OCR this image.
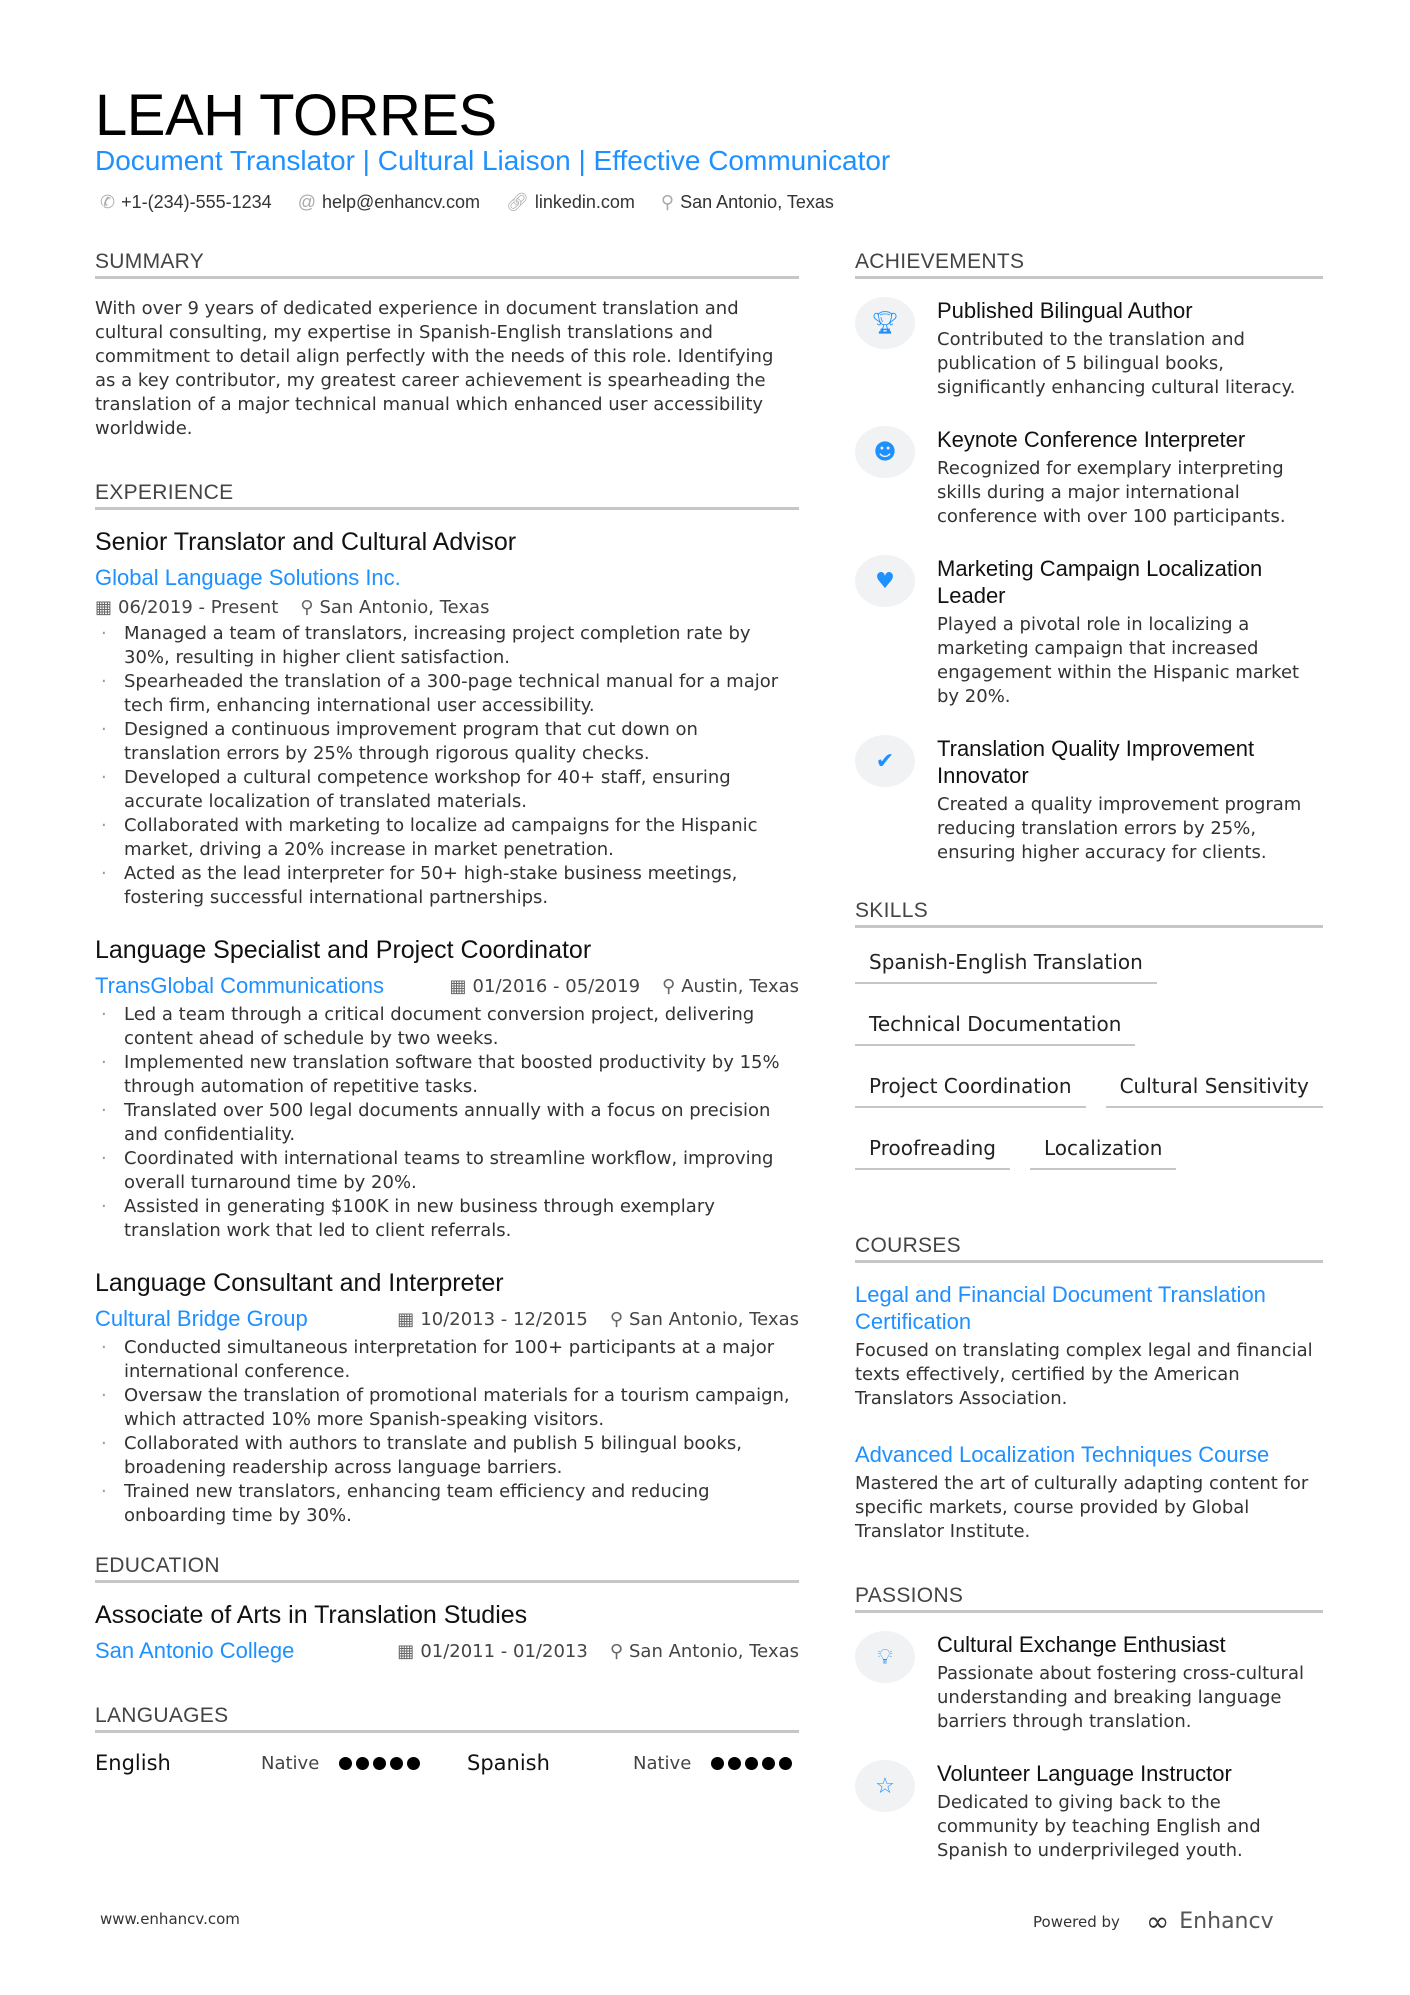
LEAH TORRES
Document Translator | Cultural Liaison | Effective Communicator
✆ +1-(234)-555-1234 @ help@enhancv.com 🔗︎ linkedin.com ⚲ San Antonio, Texas
SUMMARY
With over 9 years of dedicated experience in document translation and cultural consulting, my expertise in Spanish-English translations and commitment to detail align perfectly with the needs of this role. Identifying as a key contributor, my greatest career achievement is spearheading the translation of a major technical manual which enhanced user accessibility worldwide.
EXPERIENCE
Senior Translator and Cultural Advisor
Global Language Solutions Inc.
▦ 06/2019 - Present ⚲ San Antonio, Texas
· Managed a team of translators, increasing project completion rate by 30%, resulting in higher client satisfaction.
· Spearheaded the translation of a 300-page technical manual for a major tech firm, enhancing international user accessibility.
· Designed a continuous improvement program that cut down on translation errors by 25% through rigorous quality checks.
· Developed a cultural competence workshop for 40+ staff, ensuring accurate localization of translated materials.
· Collaborated with marketing to localize ad campaigns for the Hispanic market, driving a 20% increase in market penetration.
· Acted as the lead interpreter for 50+ high-stake business meetings, fostering successful international partnerships.
Language Specialist and Project Coordinator
TransGlobal Communications	▦ 01/2016 - 05/2019 ⚲ Austin, Texas
· Led a team through a critical document conversion project, delivering content ahead of schedule by two weeks.
· Implemented new translation software that boosted productivity by 15% through automation of repetitive tasks.
· Translated over 500 legal documents annually with a focus on precision and confidentiality.
· Coordinated with international teams to streamline workflow, improving overall turnaround time by 20%.
· Assisted in generating $100K in new business through exemplary translation work that led to client referrals.
Language Consultant and Interpreter
Cultural Bridge Group	▦ 10/2013 - 12/2015 ⚲ San Antonio, Texas
· Conducted simultaneous interpretation for 100+ participants at a major international conference.
· Oversaw the translation of promotional materials for a tourism campaign, which attracted 10% more Spanish-speaking visitors.
· Collaborated with authors to translate and publish 5 bilingual books, broadening readership across language barriers.
· Trained new translators, enhancing team efficiency and reducing onboarding time by 30%.
EDUCATION
Associate of Arts in Translation Studies
San Antonio College	▦ 01/2011 - 01/2013 ⚲ San Antonio, Texas
LANGUAGES
English	Native	Spanish	Native
ACHIEVEMENTS
🏆︎	Published Bilingual Author
Contributed to the translation and publication of 5 bilingual books, significantly enhancing cultural literacy.
☻	Keynote Conference Interpreter
Recognized for exemplary interpreting skills during a major international conference with over 100 participants.
♥	Marketing Campaign Localization Leader
Played a pivotal role in localizing a marketing campaign that increased engagement within the Hispanic market by 20%.
✔	Translation Quality Improvement Innovator
Created a quality improvement program reducing translation errors by 25%, ensuring higher accuracy for clients.
SKILLS
Spanish-English Translation
Technical Documentation
Project Coordination	Cultural Sensitivity
Proofreading	Localization
COURSES
Legal and Financial Document Translation Certification
Focused on translating complex legal and financial texts effectively, certified by the American Translators Association.
Advanced Localization Techniques Course
Mastered the art of culturally adapting content for specific markets, course provided by Global Translator Institute.
PASSIONS
💡︎	Cultural Exchange Enthusiast
Passionate about fostering cross-cultural understanding and breaking language barriers through translation.
☆	Volunteer Language Instructor
Dedicated to giving back to the community by teaching English and Spanish to underprivileged youth.
www.enhancv.com	Powered by ∞ Enhancv
